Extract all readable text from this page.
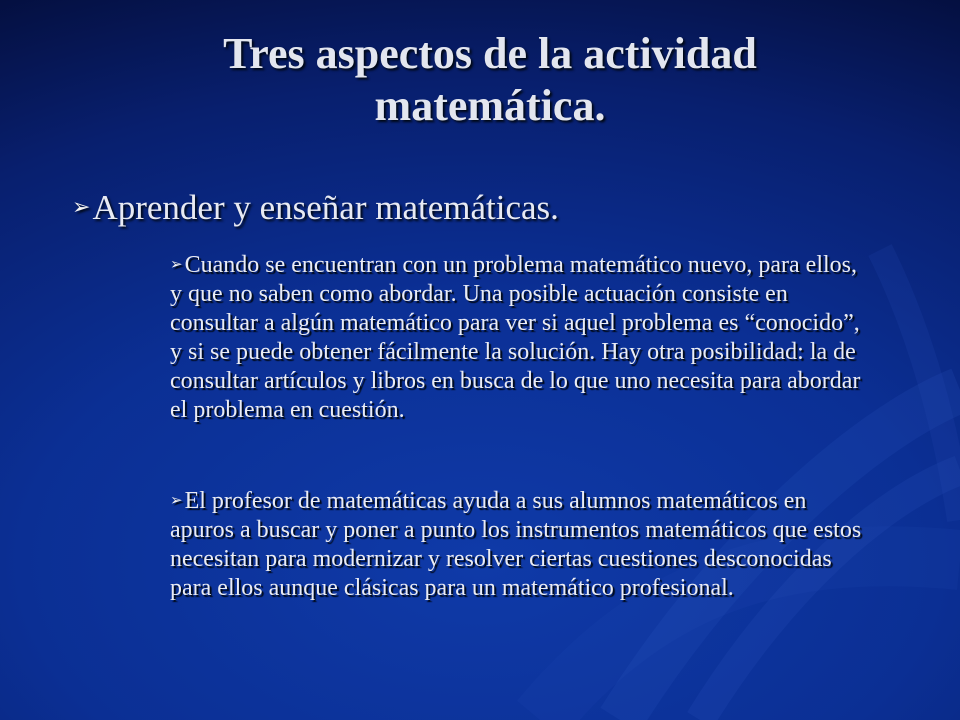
Tres aspectos de la actividad matemática.
➢Aprender y enseñar matemáticas.
➢Cuando se encuentran con un problema matemático nuevo, para ellos, y que no saben como abordar. Una posible actuación consiste en consultar a algún matemático para ver si aquel problema es “conocido”, y si se puede obtener fácilmente la solución. Hay otra posibilidad: la de consultar artículos y libros en busca de lo que uno necesita para abordar el problema en cuestión.
➢El profesor de matemáticas ayuda a sus alumnos matemáticos en apuros a buscar y poner a punto los instrumentos matemáticos que estos necesitan para modernizar y resolver ciertas cuestiones desconocidas para ellos aunque clásicas para un matemático profesional.
